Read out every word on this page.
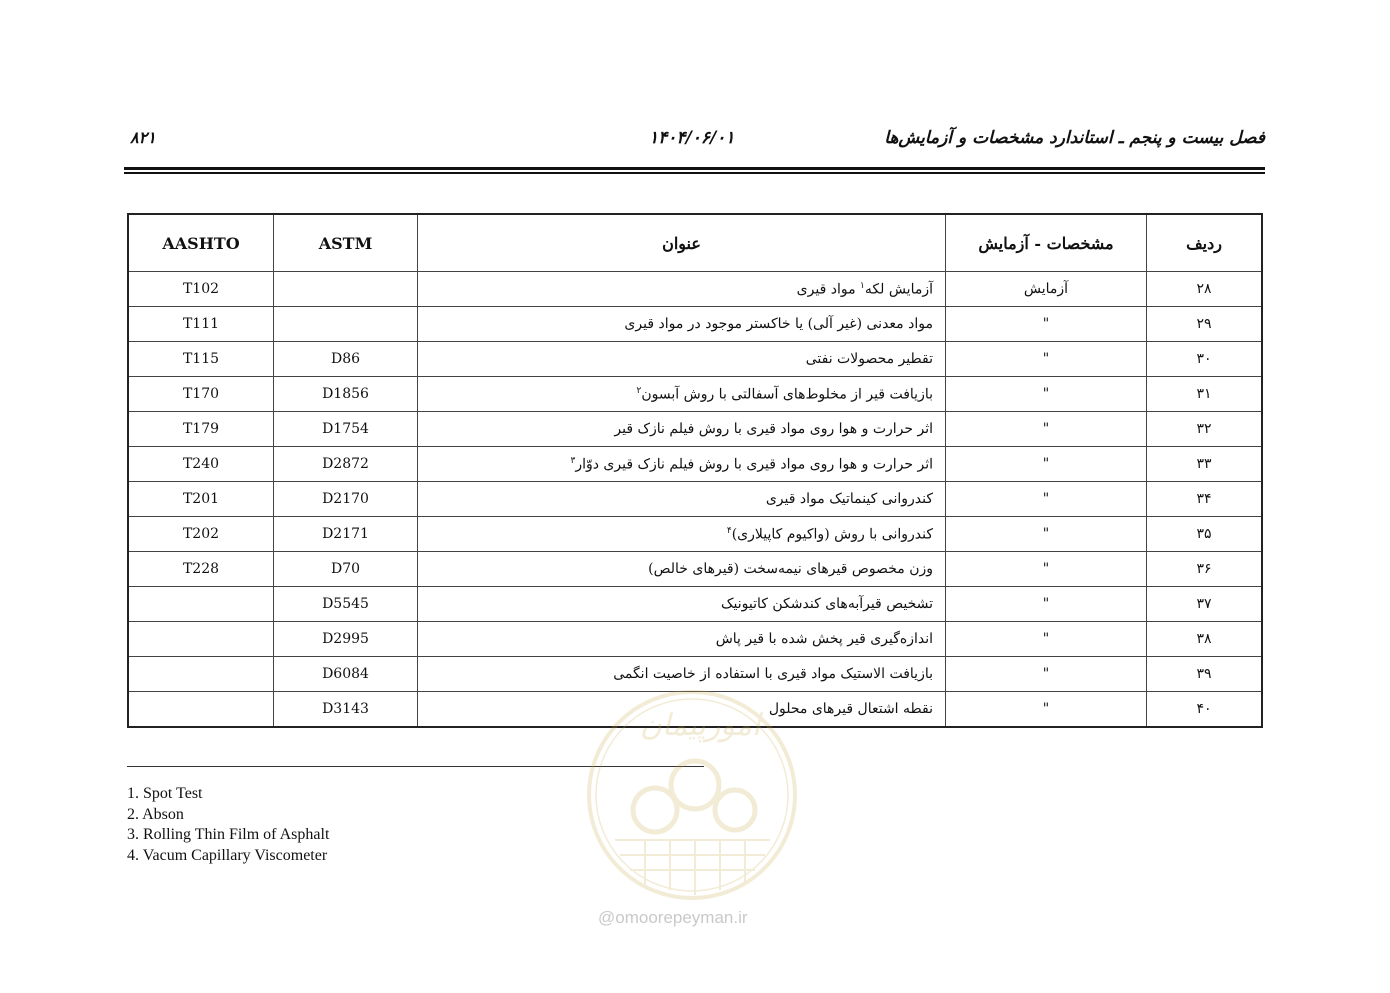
فصل بیست و پنجم ـ استاندارد مشخصات و آزمایش‌ها
۱۴۰۴/۰۶/۰۱
۸۲۱
ردیف	مشخصات - آزمایش	عنوان	ASTM	AASHTO
۲۸	آزمایش	آزمایش لکه$^۱$ مواد قیری		T102
۲۹	"	مواد معدنی (غیر آلی) یا خاکستر موجود در مواد قیری		T111
۳۰	"	تقطیر محصولات نفتی	D86	T115
۳۱	"	بازیافت قیر از مخلوط‌های آسفالتی با روش آبسون$^۲$	D1856	T170
۳۲	"	اثر حرارت و هوا روی مواد قیری با روش فیلم نازک قیر	D1754	T179
۳۳	"	اثر حرارت و هوا روی مواد قیری با روش فیلم نازک قیری دوّار$^۳$	D2872	T240
۳۴	"	کندروانی کینماتیک مواد قیری	D2170	T201
۳۵	"	کندروانی با روش (واکیوم کاپیلاری)$^۴$	D2171	T202
۳۶	"	وزن مخصوص قیرهای نیمه‌سخت (قیرهای خالص)	D70	T228
۳۷	"	تشخیص قیرآبه‌های کندشکن کاتیونیک	D5545	
۳۸	"	اندازه‌گیری قیر پخش شده با قیر پاش	D2995	
۳۹	"	بازیافت الاستیک مواد قیری با استفاده از خاصیت انگمی	D6084	
۴۰	"	نقطه اشتعال قیرهای محلول	D3143	
1. Spot Test
2. Abson
3. Rolling Thin Film of Asphalt
4. Vacum Capillary Viscometer
امورپیمان
@omoorepeyman.ir
